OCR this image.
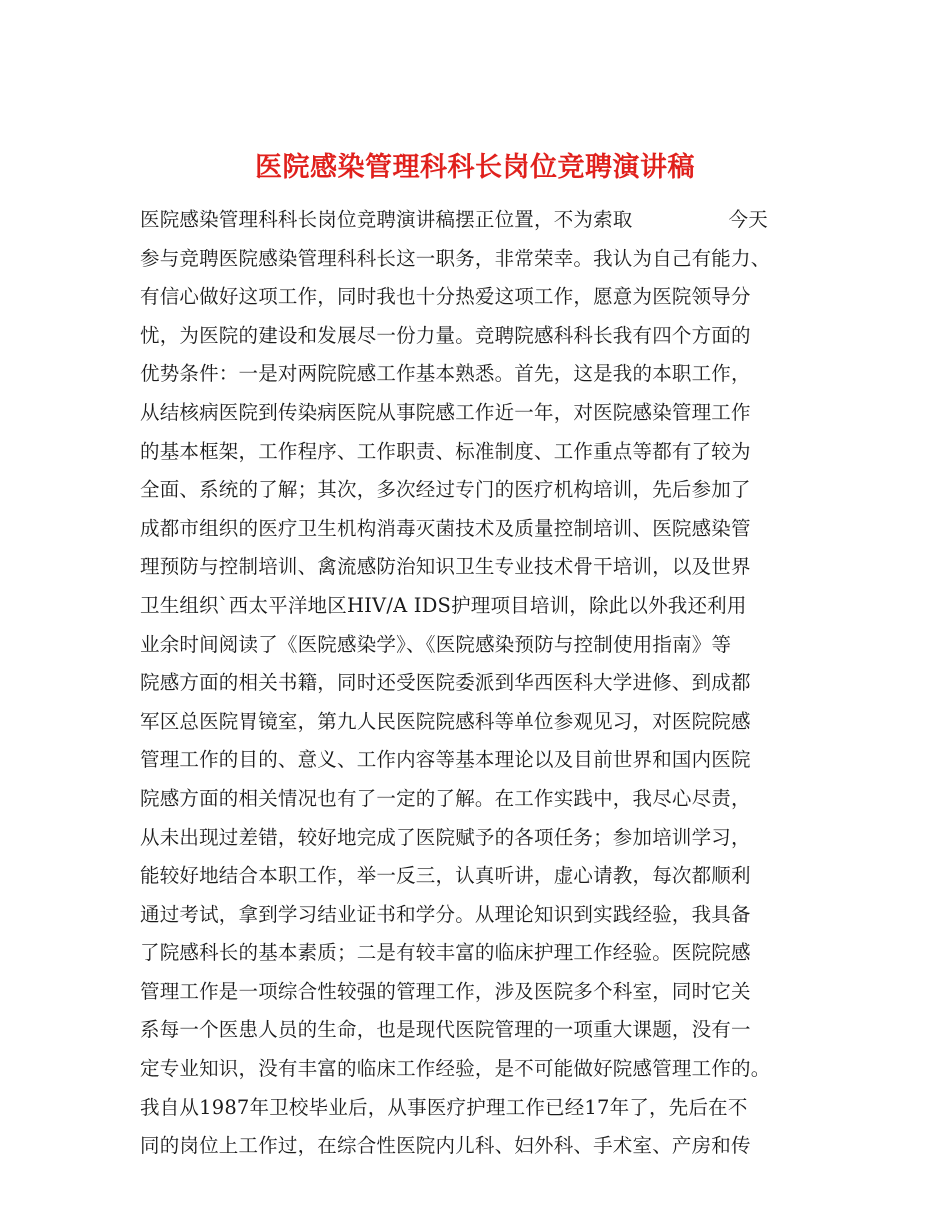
医院感染管理科科长岗位竞聘演讲稿
医院感染管理科科长岗位竞聘演讲稿摆正位置，不为索取	今天
参与竞聘医院感染管理科科长这一职务，非常荣幸。我认为自己有能力、
有信心做好这项工作，同时我也十分热爱这项工作，愿意为医院领导分
忧，为医院的建设和发展尽一份力量。竞聘院感科科长我有四个方面的
优势条件：一是对两院院感工作基本熟悉。首先，这是我的本职工作，
从结核病医院到传染病医院从事院感工作近一年，对医院感染管理工作
的基本框架，工作程序、工作职责、标准制度、工作重点等都有了较为
全面、系统的了解；其次，多次经过专门的医疗机构培训，先后参加了
成都市组织的医疗卫生机构消毒灭菌技术及质量控制培训、医院感染管
理预防与控制培训、禽流感防治知识卫生专业技术骨干培训，以及世界
卫生组织`西太平洋地区HIV/A IDS护理项目培训，除此以外我还利用
业余时间阅读了《医院感染学》、《医院感染预防与控制使用指南》等
院感方面的相关书籍，同时还受医院委派到华西医科大学进修、到成都
军区总医院胃镜室，第九人民医院院感科等单位参观见习，对医院院感
管理工作的目的、意义、工作内容等基本理论以及目前世界和国内医院
院感方面的相关情况也有了一定的了解。在工作实践中，我尽心尽责，
从未出现过差错，较好地完成了医院赋予的各项任务；参加培训学习，
能较好地结合本职工作，举一反三，认真听讲，虚心请教，每次都顺利
通过考试，拿到学习结业证书和学分。从理论知识到实践经验，我具备
了院感科长的基本素质；二是有较丰富的临床护理工作经验。医院院感
管理工作是一项综合性较强的管理工作，涉及医院多个科室，同时它关
系每一个医患人员的生命，也是现代医院管理的一项重大课题，没有一
定专业知识，没有丰富的临床工作经验，是不可能做好院感管理工作的。
我自从1987年卫校毕业后，从事医疗护理工作已经17年了，先后在不
同的岗位上工作过，在综合性医院内儿科、妇外科、手术室、产房和传
